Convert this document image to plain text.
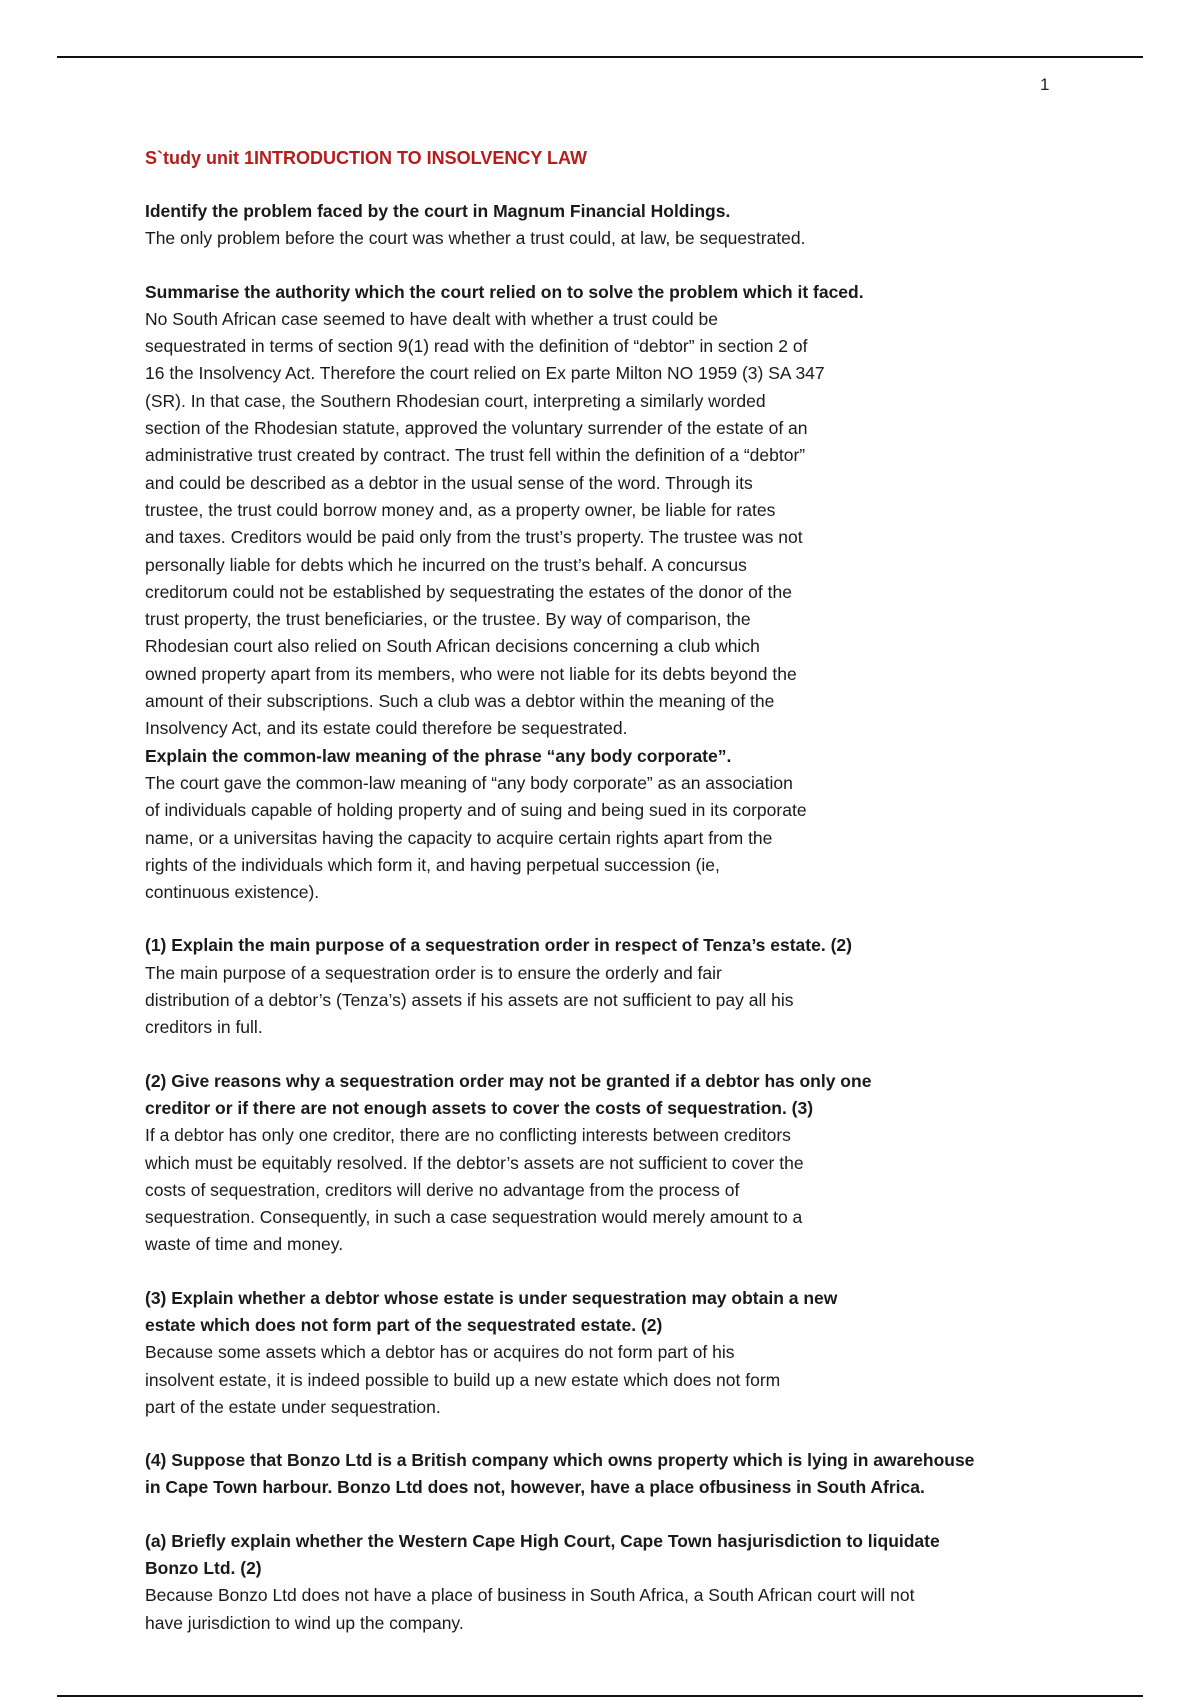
1

S`tudy unit 1INTRODUCTION TO INSOLVENCY LAW

Identify the problem faced by the court in Magnum Financial Holdings.

The only problem before the court was whether a trust could, at law, be sequestrated.

Summarise the authority which the court relied on to solve the problem which it faced.

No South African case seemed to have dealt with whether a trust could be
sequestrated in terms of section 9(1) read with the definition of “debtor” in section 2 of
16 the Insolvency Act. Therefore the court relied on Ex parte Milton NO 1959 (3) SA 347
(SR). In that case, the Southern Rhodesian court, interpreting a similarly worded
section of the Rhodesian statute, approved the voluntary surrender of the estate of an
administrative trust created by contract. The trust fell within the definition of a “debtor”
and could be described as a debtor in the usual sense of the word. Through its
trustee, the trust could borrow money and, as a property owner, be liable for rates
and taxes. Creditors would be paid only from the trust’s property. The trustee was not
personally liable for debts which he incurred on the trust’s behalf. A concursus
creditorum could not be established by sequestrating the estates of the donor of the
trust property, the trust beneficiaries, or the trustee. By way of comparison, the
Rhodesian court also relied on South African decisions concerning a club which
owned property apart from its members, who were not liable for its debts beyond the
amount of their subscriptions. Such a club was a debtor within the meaning of the
Insolvency Act, and its estate could therefore be sequestrated.

Explain the common-law meaning of the phrase “any body corporate”.

The court gave the common-law meaning of “any body corporate” as an association
of individuals capable of holding property and of suing and being sued in its corporate
name, or a universitas having the capacity to acquire certain rights apart from the
rights of the individuals which form it, and having perpetual succession (ie,
continuous existence).

(1) Explain the main purpose of a sequestration order in respect of Tenza’s estate. (2)

The main purpose of a sequestration order is to ensure the orderly and fair
distribution of a debtor’s (Tenza’s) assets if his assets are not sufficient to pay all his
creditors in full.

(2) Give reasons why a sequestration order may not be granted if a debtor has only one
creditor or if there are not enough assets to cover the costs of sequestration. (3)

If a debtor has only one creditor, there are no conflicting interests between creditors
which must be equitably resolved. If the debtor’s assets are not sufficient to cover the
costs of sequestration, creditors will derive no advantage from the process of
sequestration. Consequently, in such a case sequestration would merely amount to a
waste of time and money.

(3) Explain whether a debtor whose estate is under sequestration may obtain a new
estate which does not form part of the sequestrated estate. (2)

Because some assets which a debtor has or acquires do not form part of his
insolvent estate, it is indeed possible to build up a new estate which does not form
part of the estate under sequestration.

(4) Suppose that Bonzo Ltd is a British company which owns property which is lying in awarehouse
in Cape Town harbour. Bonzo Ltd does not, however, have a place ofbusiness in South Africa.

(a) Briefly explain whether the Western Cape High Court, Cape Town hasjurisdiction to liquidate
Bonzo Ltd. (2)

Because Bonzo Ltd does not have a place of business in South Africa, a South African court will not
have jurisdiction to wind up the company.
